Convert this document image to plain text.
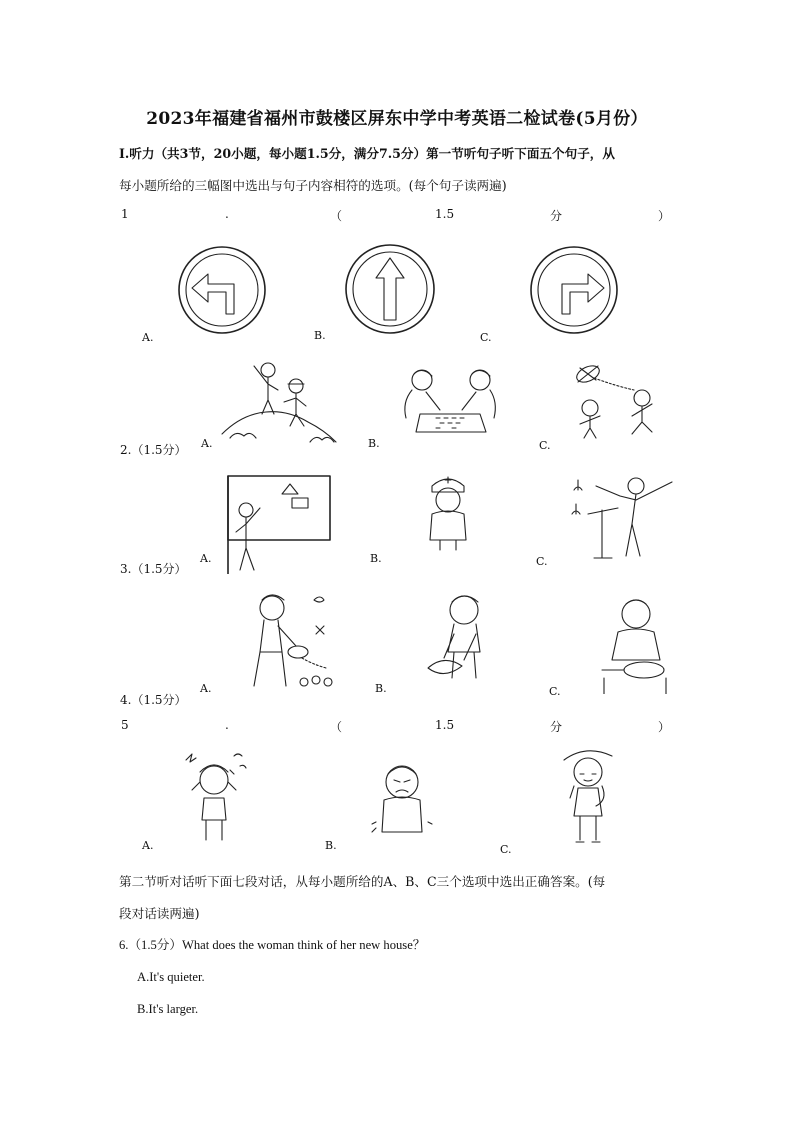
2023年福建省福州市鼓楼区屏东中学中考英语二检试卷(5月份）
I.听力（共3节，20小题，每小题1.5分，满分7.5分）第一节听句子听下面五个句子，从
每小题所给的三幅图中选出与句子内容相符的选项。(每个句子读两遍)
1	.	（	1.5	分	）
A.	B.	C.
2.（1.5分） A.	B.	C.
3.（1.5分）
A.	B.	C.
4.（1.5分）
A.	B.	C.
5	.	（	1.5	分	）
A.	B.	C.
第二节听对话听下面七段对话，从每小题所给的A、B、C三个选项中选出正确答案。(每
段对话读两遍)
6.（1.5分）What does the woman think of her new house？
A.It's quieter.
B.It's larger.
